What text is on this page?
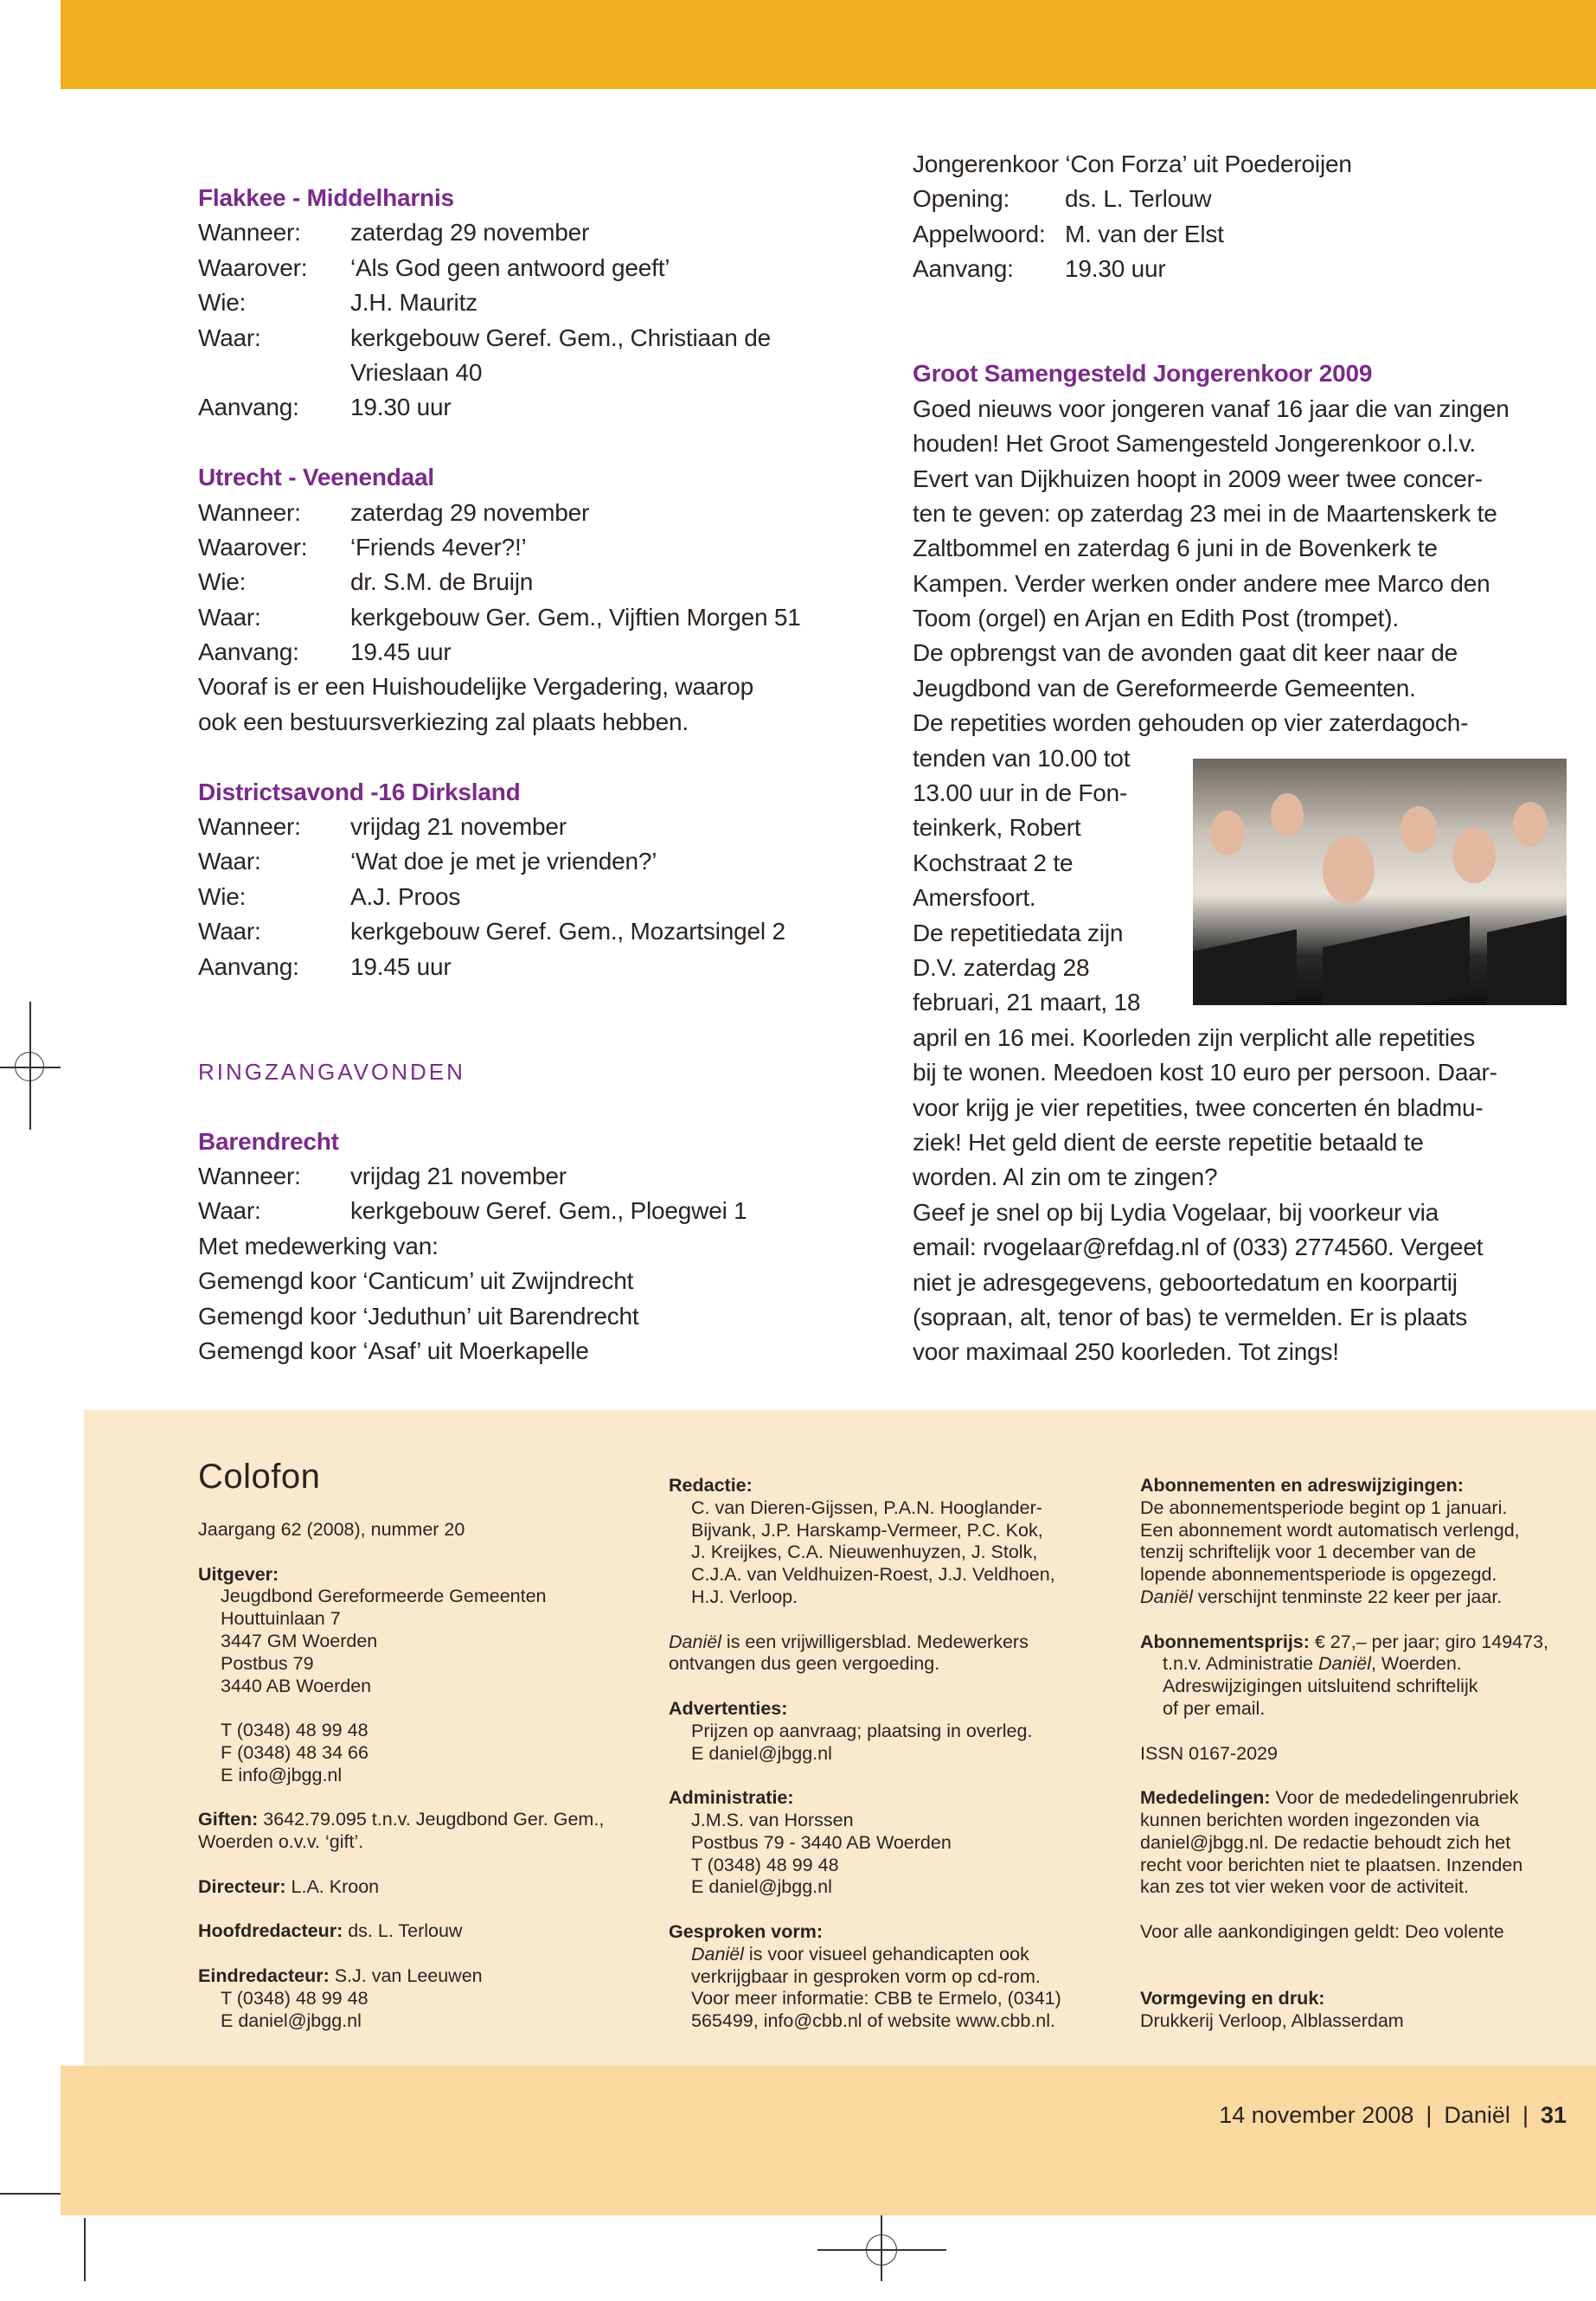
Flakkee - Middelharnis
Wanneer: zaterdag 29 november
Waarover: ‘Als God geen antwoord geeft’
Wie:	J.H. Mauritz
Waar:	kerkgebouw Geref. Gem., Christiaan de
Vrieslaan 40
Aanvang: 19.30 uur
Utrecht - Veenendaal
Wanneer: zaterdag 29 november
Waarover: ‘Friends 4ever?!’
Wie:	dr. S.M. de Bruijn
Waar:	kerkgebouw Ger. Gem., Vijftien Morgen 51
Aanvang: 19.45 uur
Vooraf is er een Huishoudelijke Vergadering, waarop
ook een bestuursverkiezing zal plaats hebben.
Districtsavond -16 Dirksland
Wanneer: vrijdag 21 november
Waar:	‘Wat doe je met je vrienden?’
Wie:	A.J. Proos
Waar:	kerkgebouw Geref. Gem., Mozartsingel 2
Aanvang: 19.45 uur
RINGZANGAVONDEN
Barendrecht
Wanneer: vrijdag 21 november
Waar:	kerkgebouw Geref. Gem., Ploegwei 1
Met medewerking van:
Gemengd koor ‘Canticum’ uit Zwijndrecht
Gemengd koor ‘Jeduthun’ uit Barendrecht
Gemengd koor ‘Asaf’ uit Moerkapelle
Jongerenkoor ‘Con Forza’ uit Poederoijen
Opening: ds. L. Terlouw
Appelwoord: M. van der Elst
Aanvang: 19.30 uur
Groot Samengesteld Jongerenkoor 2009
Goed nieuws voor jongeren vanaf 16 jaar die van zingen
houden! Het Groot Samengesteld Jongerenkoor o.l.v.
Evert van Dijkhuizen hoopt in 2009 weer twee concer-
ten te geven: op zaterdag 23 mei in de Maartenskerk te
Zaltbommel en zaterdag 6 juni in de Bovenkerk te
Kampen. Verder werken onder andere mee Marco den
Toom (orgel) en Arjan en Edith Post (trompet).
De opbrengst van de avonden gaat dit keer naar de
Jeugdbond van de Gereformeerde Gemeenten.
De repetities worden gehouden op vier zaterdagoch-
tenden van 10.00 tot
13.00 uur in de Fon-
teinkerk, Robert
Kochstraat 2 te
Amersfoort.
De repetitiedata zijn
D.V. zaterdag 28
februari, 21 maart, 18
april en 16 mei. Koorleden zijn verplicht alle repetities
bij te wonen. Meedoen kost 10 euro per persoon. Daar-
voor krijg je vier repetities, twee concerten én bladmu-
ziek! Het geld dient de eerste repetitie betaald te
worden. Al zin om te zingen?
Geef je snel op bij Lydia Vogelaar, bij voorkeur via
email: rvogelaar@refdag.nl of (033) 2774560. Vergeet
niet je adresgegevens, geboortedatum en koorpartij
(sopraan, alt, tenor of bas) te vermelden. Er is plaats
voor maximaal 250 koorleden. Tot zings!
Colofon
Jaargang 62 (2008), nummer 20
Uitgever:
Jeugdbond Gereformeerde Gemeenten
Houttuinlaan 7
3447 GM Woerden
Postbus 79
3440 AB Woerden
T (0348) 48 99 48
F (0348) 48 34 66
E info@jbgg.nl
Giften: 3642.79.095 t.n.v. Jeugdbond Ger. Gem.,
Woerden o.v.v. ‘gift’.
Directeur: L.A. Kroon
Hoofdredacteur: ds. L. Terlouw
Eindredacteur: S.J. van Leeuwen
T (0348) 48 99 48
E daniel@jbgg.nl
Redactie:
C. van Dieren-Gijssen, P.A.N. Hooglander-
Bijvank, J.P. Harskamp-Vermeer, P.C. Kok,
J. Kreijkes, C.A. Nieuwenhuyzen, J. Stolk,
C.J.A. van Veldhuizen-Roest, J.J. Veldhoen,
H.J. Verloop.
Daniël is een vrijwilligersblad. Medewerkers
ontvangen dus geen vergoeding.
Advertenties:
Prijzen op aanvraag; plaatsing in overleg.
E daniel@jbgg.nl
Administratie:
J.M.S. van Horssen
Postbus 79 - 3440 AB Woerden
T (0348) 48 99 48
E daniel@jbgg.nl
Gesproken vorm:
Daniël is voor visueel gehandicapten ook
verkrijgbaar in gesproken vorm op cd-rom.
Voor meer informatie: CBB te Ermelo, (0341)
565499, info@cbb.nl of website www.cbb.nl.
Abonnementen en adreswijzigingen:
De abonnementsperiode begint op 1 januari.
Een abonnement wordt automatisch verlengd,
tenzij schriftelijk voor 1 december van de
lopende abonnementsperiode is opgezegd.
Daniël verschijnt tenminste 22 keer per jaar.
Abonnementsprijs: € 27,– per jaar; giro 149473,
t.n.v. Administratie Daniël, Woerden.
Adreswijzigingen uitsluitend schriftelijk
of per email.
ISSN 0167-2029
Mededelingen: Voor de mededelingenrubriek
kunnen berichten worden ingezonden via
daniel@jbgg.nl. De redactie behoudt zich het
recht voor berichten niet te plaatsen. Inzenden
kan zes tot vier weken voor de activiteit.
Voor alle aankondigingen geldt: Deo volente
Vormgeving en druk:
Drukkerij Verloop, Alblasserdam
14 november 2008 | Daniël | 31
